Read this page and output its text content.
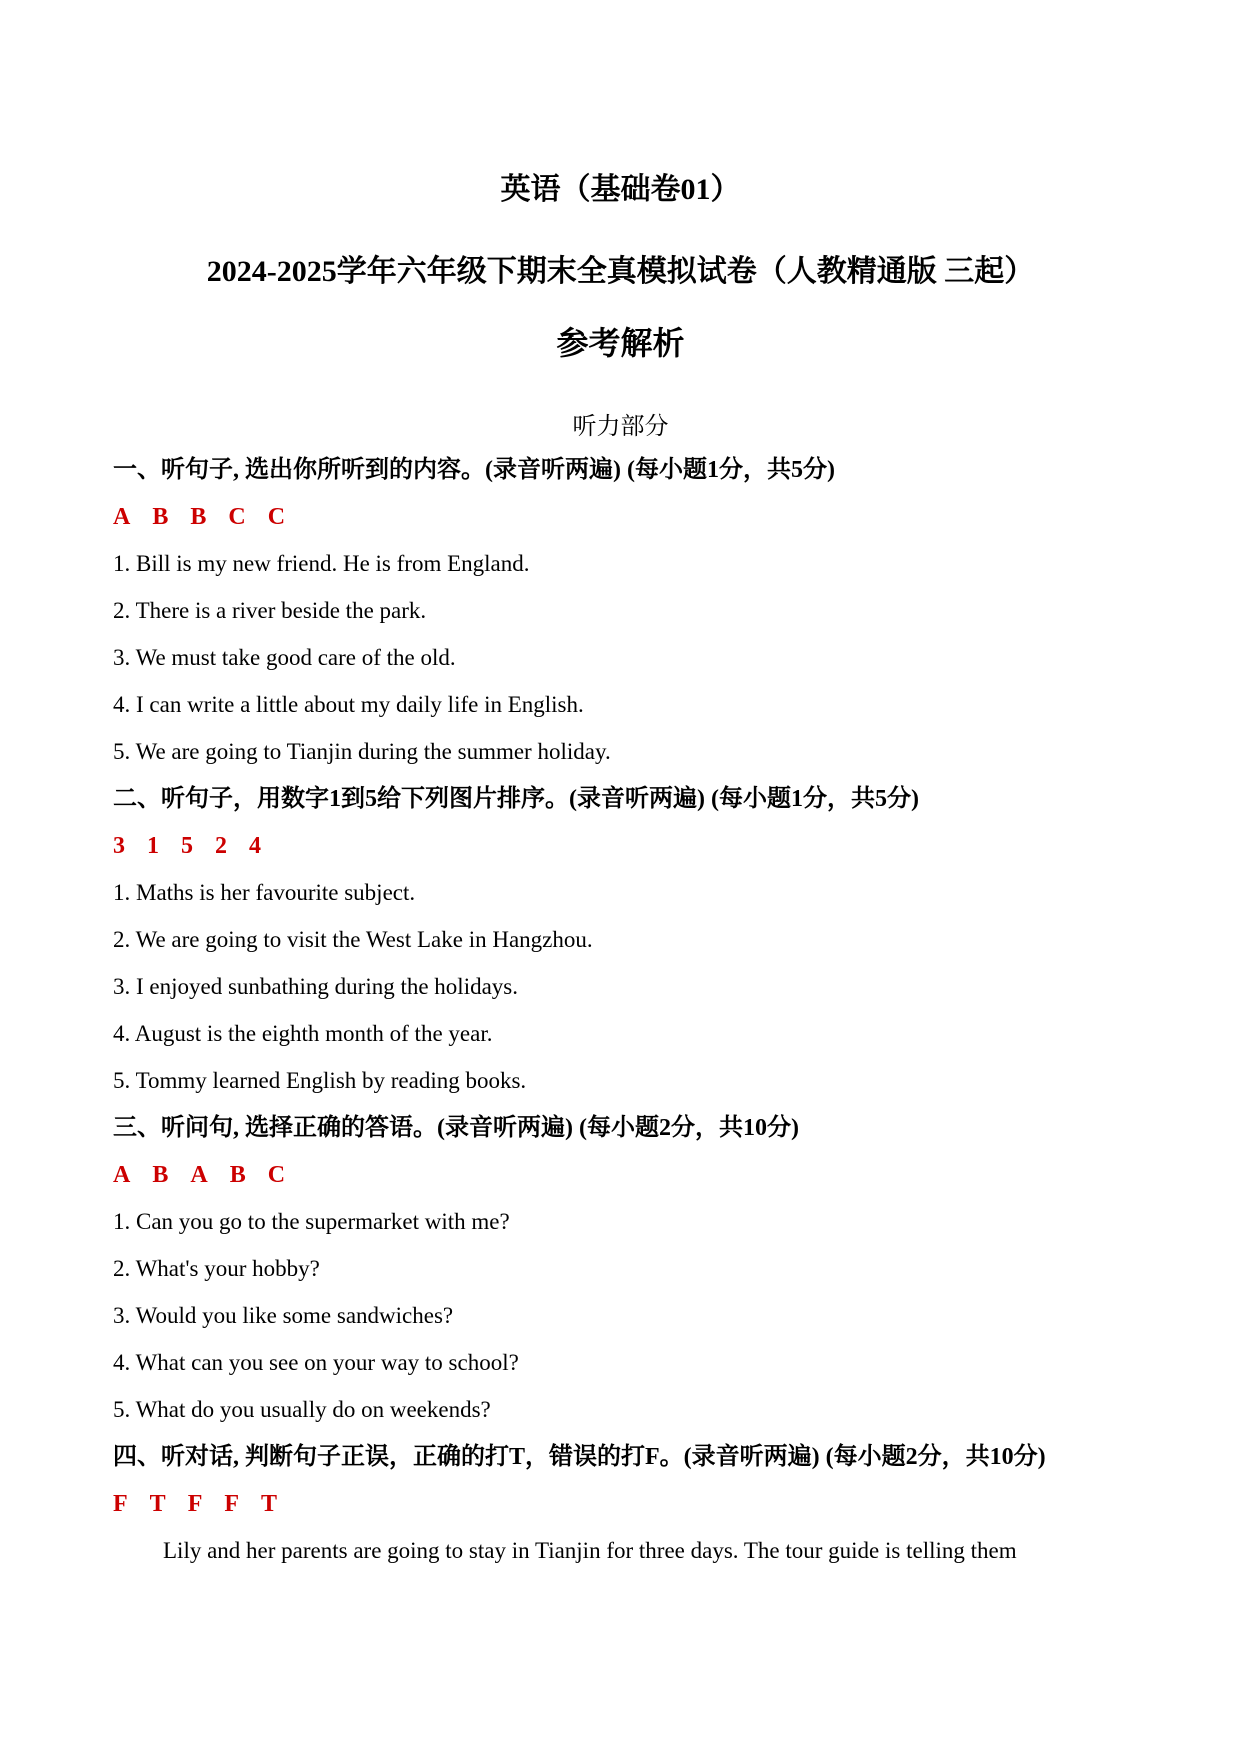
英语（基础卷01）
2024-2025学年六年级下期末全真模拟试卷（人教精通版 三起）
参考解析
听力部分
一、听句子, 选出你所听到的内容。(录音听两遍) (每小题1分，共5分)
A B B C C
1. Bill is my new friend. He is from England.
2. There is a river beside the park.
3. We must take good care of the old.
4. I can write a little about my daily life in English.
5. We are going to Tianjin during the summer holiday.
二、听句子，用数字1到5给下列图片排序。(录音听两遍) (每小题1分，共5分)
3 1 5 2 4
1. Maths is her favourite subject.
2. We are going to visit the West Lake in Hangzhou.
3. I enjoyed sunbathing during the holidays.
4. August is the eighth month of the year.
5. Tommy learned English by reading books.
三、听问句, 选择正确的答语。(录音听两遍) (每小题2分，共10分)
A B A B C
1. Can you go to the supermarket with me?
2. What's your hobby?
3. Would you like some sandwiches?
4. What can you see on your way to school?
5. What do you usually do on weekends?
四、听对话, 判断句子正误，正确的打T，错误的打F。(录音听两遍) (每小题2分，共10分)
F T F F T
Lily and her parents are going to stay in Tianjin for three days. The tour guide is telling them
